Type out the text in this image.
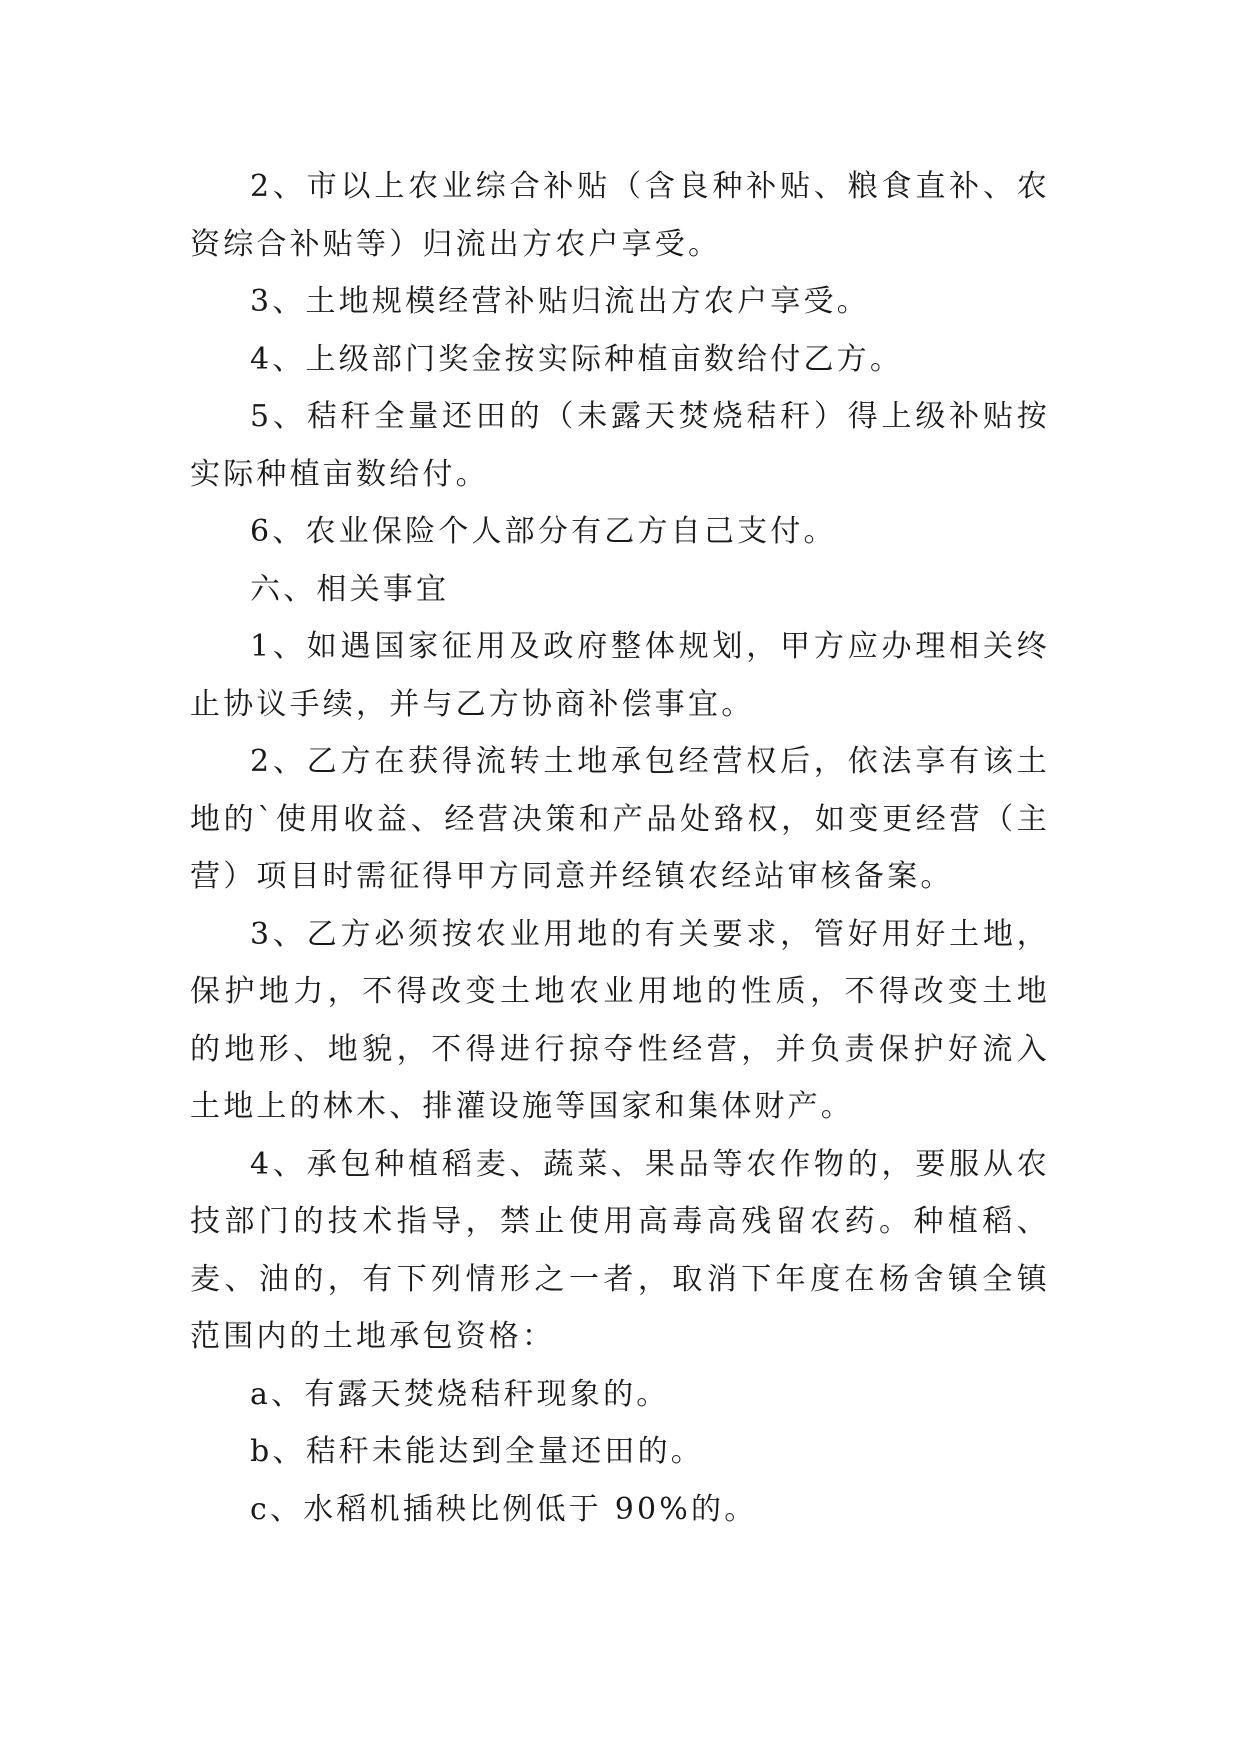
2、市以上农业综合补贴（含良种补贴、粮食直补、农资综合补贴等）归流出方农户享受。

3、土地规模经营补贴归流出方农户享受。

4、上级部门奖金按实际种植亩数给付乙方。

5、秸秆全量还田的（未露天焚烧秸秆）得上级补贴按实际种植亩数给付。

6、农业保险个人部分有乙方自己支付。

六、相关事宜

1、如遇国家征用及政府整体规划，甲方应办理相关终止协议手续，并与乙方协商补偿事宜。

2、乙方在获得流转土地承包经营权后，依法享有该土地的`使用收益、经营决策和产品处臵权，如变更经营（主营）项目时需征得甲方同意并经镇农经站审核备案。

3、乙方必须按农业用地的有关要求，管好用好土地，保护地力，不得改变土地农业用地的性质，不得改变土地的地形、地貌，不得进行掠夺性经营，并负责保护好流入土地上的林木、排灌设施等国家和集体财产。

4、承包种植稻麦、蔬菜、果品等农作物的，要服从农技部门的技术指导，禁止使用高毒高残留农药。种植稻、麦、油的，有下列情形之一者，取消下年度在杨舍镇全镇范围内的土地承包资格：

a、有露天焚烧秸秆现象的。

b、秸秆未能达到全量还田的。

c、水稻机插秧比例低于 90%的。
